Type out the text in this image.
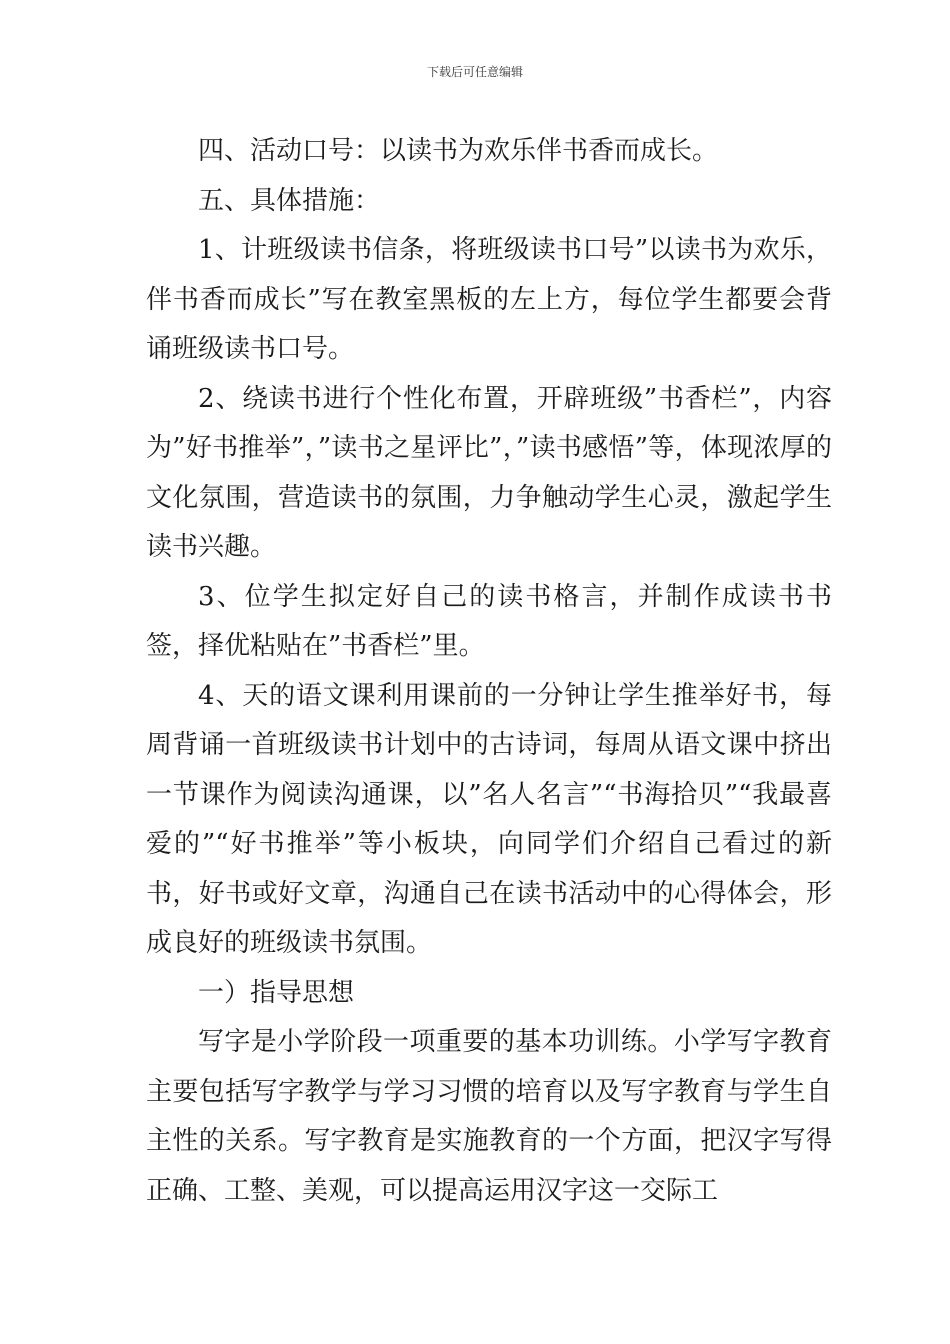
下载后可任意编辑

四、活动口号：以读书为欢乐伴书香而成长。

五、具体措施：

1、计班级读书信条，将班级读书口号”以读书为欢乐，伴书香而成长”写在教室黑板的左上方，每位学生都要会背诵班级读书口号。

2、绕读书进行个性化布置，开辟班级”书香栏”，内容为”好书推举”，”读书之星评比”，”读书感悟”等，体现浓厚的文化氛围，营造读书的氛围，力争触动学生心灵，激起学生读书兴趣。

3、位学生拟定好自己的读书格言，并制作成读书书签，择优粘贴在”书香栏”里。

4、天的语文课利用课前的一分钟让学生推举好书，每周背诵一首班级读书计划中的古诗词，每周从语文课中挤出一节课作为阅读沟通课，以”名人名言”“书海拾贝”“我最喜爱的”“好书推举”等小板块，向同学们介绍自己看过的新书，好书或好文章，沟通自己在读书活动中的心得体会，形成良好的班级读书氛围。

一）指导思想

写字是小学阶段一项重要的基本功训练。小学写字教育主要包括写字教学与学习习惯的培育以及写字教育与学生自主性的关系。写字教育是实施教育的一个方面，把汉字写得正确、工整、美观，可以提高运用汉字这一交际工
